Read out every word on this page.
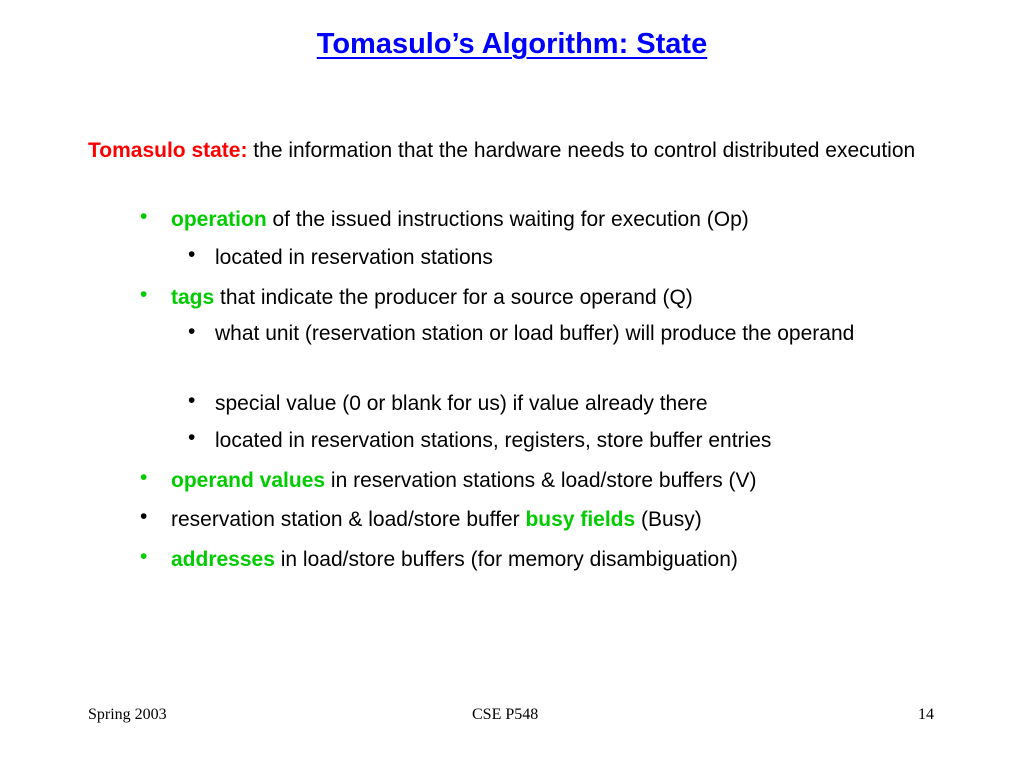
Tomasulo’s Algorithm: State
Tomasulo state: the information that the hardware needs to control distributed execution
• operation of the issued instructions waiting for execution (Op)
• located in reservation stations
• tags that indicate the producer for a source operand (Q)
• what unit (reservation station or load buffer) will produce the operand
• special value (0 or blank for us) if value already there
• located in reservation stations, registers, store buffer entries
• operand values in reservation stations & load/store buffers (V)
• reservation station & load/store buffer busy fields (Busy)
• addresses in load/store buffers (for memory disambiguation)
Spring 2003	CSE P548	14
